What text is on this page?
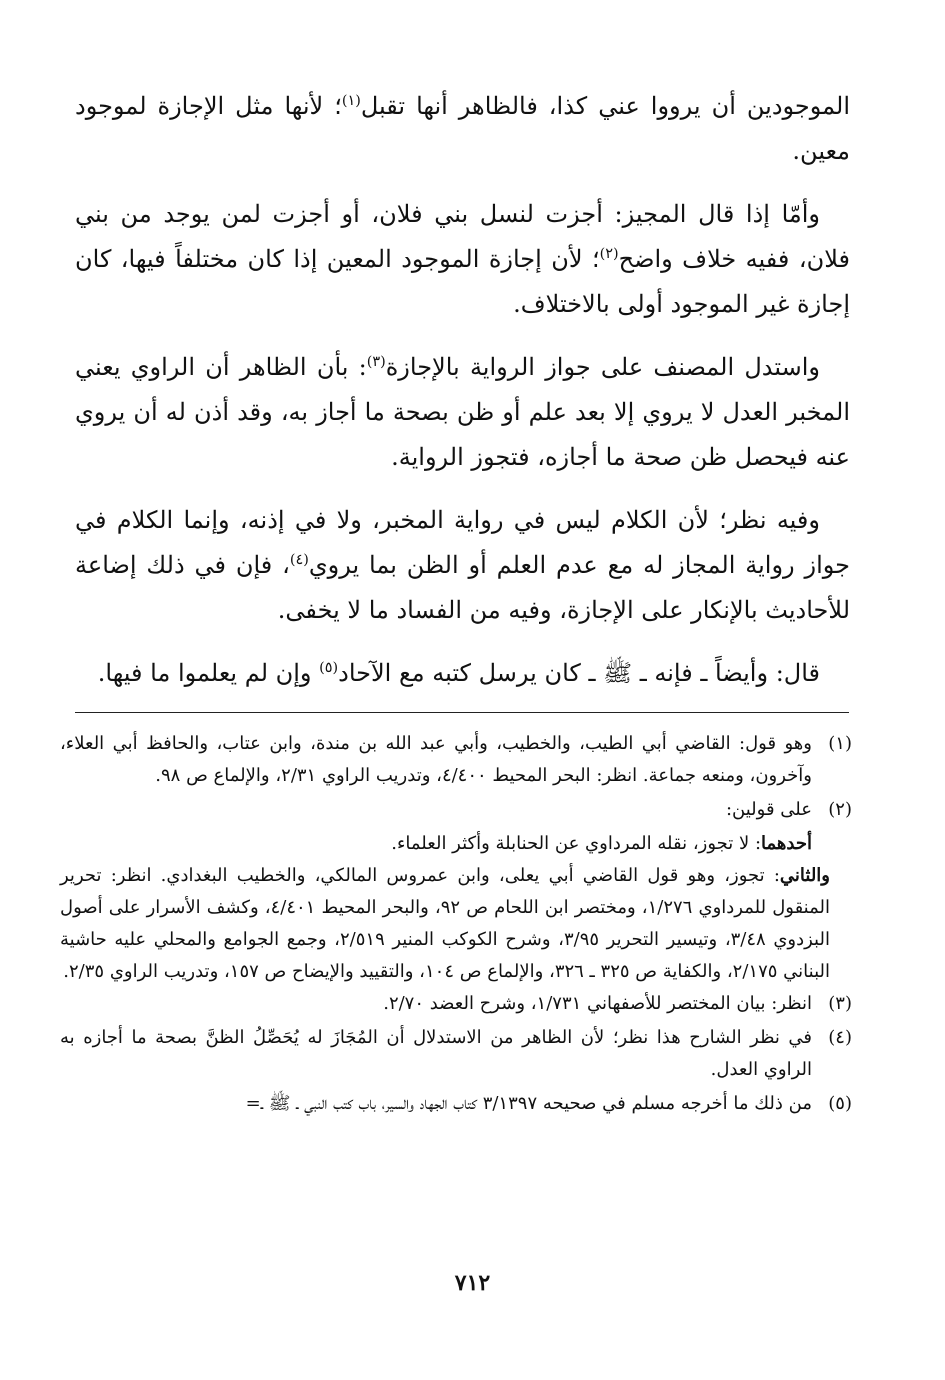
الموجودين أن يرووا عني كذا، فالظاهر أنها تقبل$^{(١)}$؛ لأنها مثل الإجازة لموجود معين.

وأمّا إذا قال المجيز: أجزت لنسل بني فلان، أو أجزت لمن يوجد من بني فلان، ففيه خلاف واضح$^{(٢)}$؛ لأن إجازة الموجود المعين إذا كان مختلفاً فيها، كان إجازة غير الموجود أولى بالاختلاف.

واستدل المصنف على جواز الرواية بالإجازة$^{(٣)}$: بأن الظاهر أن الراوي يعني المخبر العدل لا يروي إلا بعد علم أو ظن بصحة ما أجاز به، وقد أذن له أن يروي عنه فيحصل ظن صحة ما أجازه، فتجوز الرواية.

وفيه نظر؛ لأن الكلام ليس في رواية المخبر، ولا في إذنه، وإنما الكلام في جواز رواية المجاز له مع عدم العلم أو الظن بما يروي$^{(٤)}$، فإن في ذلك إضاعة للأحاديث بالإنكار على الإجازة، وفيه من الفساد ما لا يخفى.

قال: وأيضاً ـ فإنه ـ ﷺ ـ كان يرسل كتبه مع الآحاد$^{(٥)}$ وإن لم يعلموا ما فيها.

(١)
وهو قول: القاضي أبي الطيب، والخطيب، وأبي عبد الله بن مندة، وابن عتاب، والحافظ أبي العلاء، وآخرون، ومنعه جماعة. انظر: البحر المحيط ٤/٤٠٠، وتدريب الراوي ٢/٣١، والإلماع ص ٩٨.
(٢)
على قولين:

أحدهما: لا تجوز، نقله المرداوي عن الحنابلة وأكثر العلماء.

والثاني: تجوز، وهو قول القاضي أبي يعلى، وابن عمروس المالكي، والخطيب البغدادي. انظر: تحرير المنقول للمرداوي ١/٢٧٦، ومختصر ابن اللحام ص ٩٢، والبحر المحيط ٤/٤٠١، وكشف الأسرار على أصول البزدوي ٣/٤٨، وتيسير التحرير ٣/٩٥، وشرح الكوكب المنير ٢/٥١٩، وجمع الجوامع والمحلي عليه حاشية البناني ٢/١٧٥، والكفاية ص ٣٢٥ ـ ٣٢٦، والإلماع ص ١٠٤، والتقييد والإيضاح ص ١٥٧، وتدريب الراوي ٢/٣٥.

(٣)
انظر: بيان المختصر للأصفهاني ١/٧٣١، وشرح العضد ٢/٧٠.
(٤)
في نظر الشارح هذا نظر؛ لأن الظاهر من الاستدلال أن المُجَازَ له يُحَصِّلُ الظنَّ بصحة ما أجازه به الراوي العدل.
(٥)
من ذلك ما أخرجه مسلم في صحيحه ٣/١٣٩٧ كتاب الجهاد والسير، باب كتب النبي ـ ﷺ ـ=
٧١٢
